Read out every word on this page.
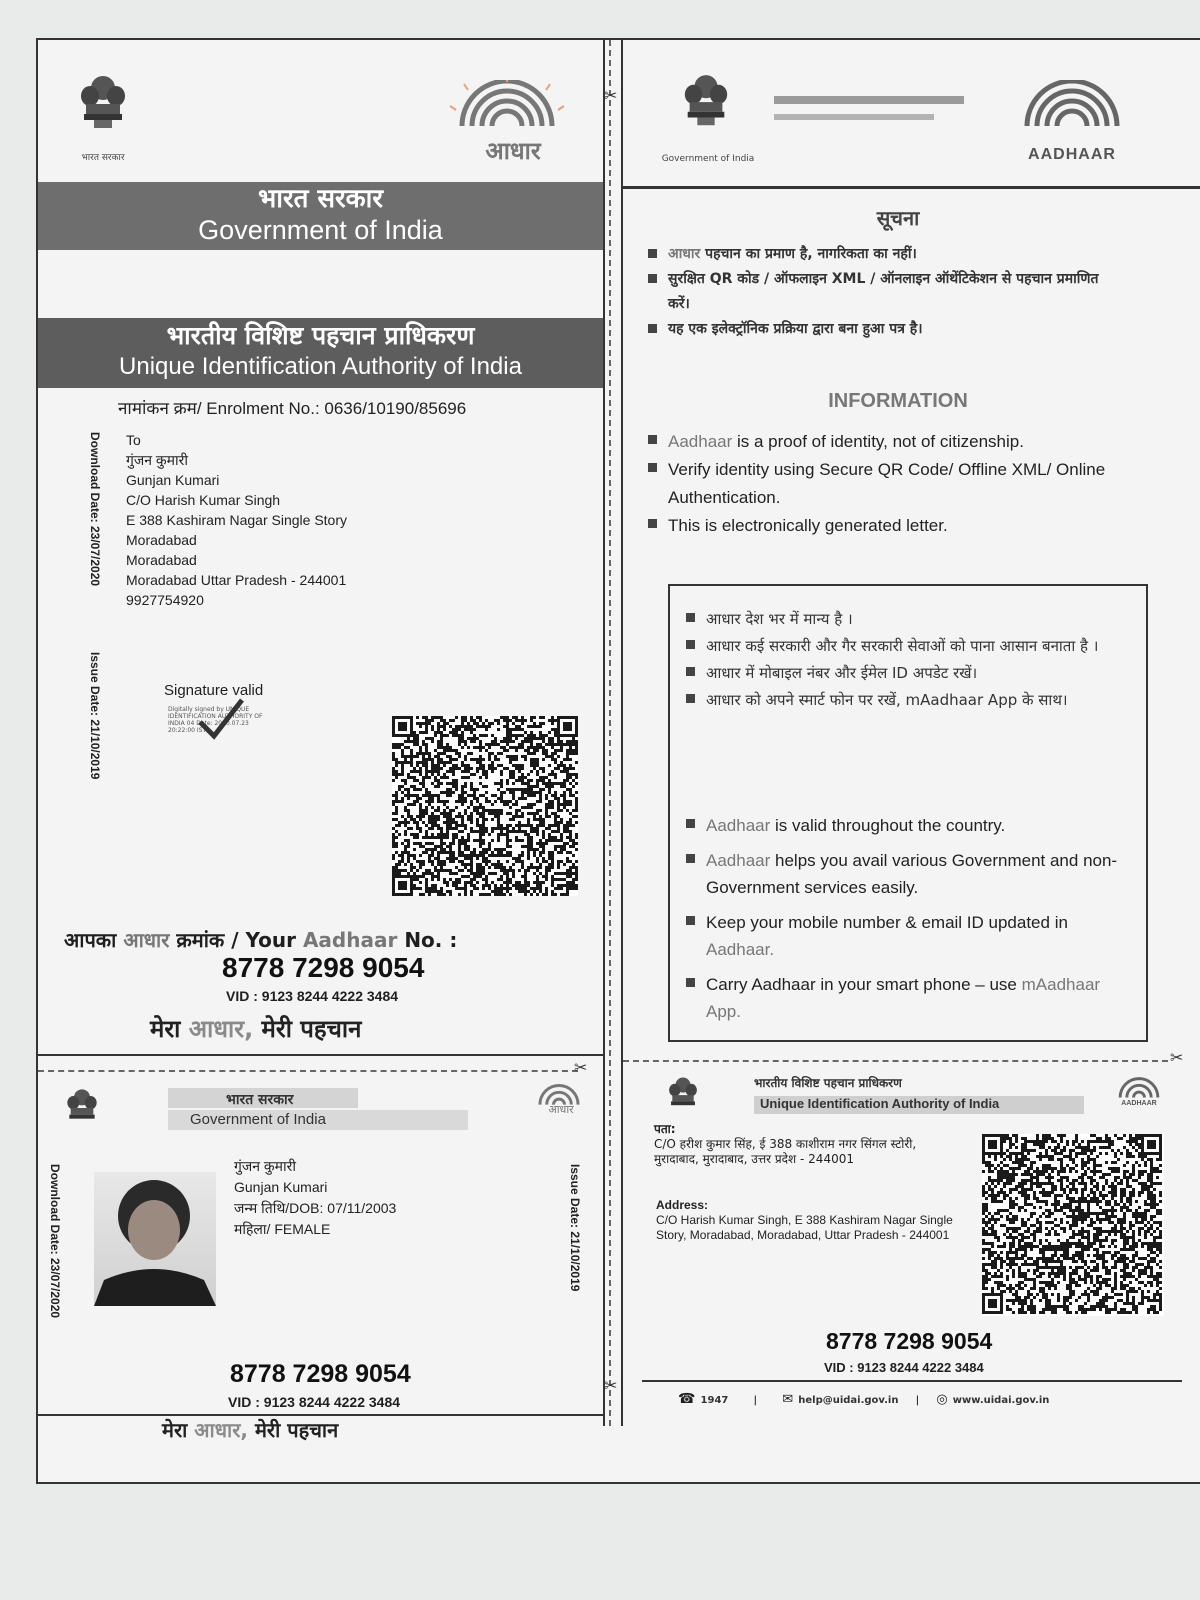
✂
✂
भारत सरकार	आधार
भारत सरकार
Government of India
भारतीय विशिष्ट पहचान प्राधिकरण
Unique Identification Authority of India
नामांकन क्रम/ Enrolment No.: 0636/10190/85696
Download Date: 23/07/2020
Issue Date: 21/10/2019
To
गुंजन कुमारी
Gunjan Kumari
C/O Harish Kumar Singh
E 388 Kashiram Nagar Single Story
Moradabad
Moradabad
Moradabad Uttar Pradesh - 244001
9927754920
Signature valid
Digitally signed by UNIQUE IDENTIFICATION AUTHORITY OF INDIA 04 Date: 2020.07.23 20:22:00 IST
आपका आधार क्रमांक / Your Aadhaar No. :
8778 7298 9054
VID : 9123 8244 4222 3484
मेरा आधार, मेरी पहचान
Government of India	AADHAAR
सूचना
आधार पहचान का प्रमाण है, नागरिकता का नहीं।
सुरक्षित QR कोड / ऑफलाइन XML / ऑनलाइन ऑथेंटिकेशन से पहचान प्रमाणित करें।
यह एक इलेक्ट्रॉनिक प्रक्रिया द्वारा बना हुआ पत्र है।
INFORMATION
Aadhaar is a proof of identity, not of citizenship.
Verify identity using Secure QR Code/ Offline XML/ Online Authentication.
This is electronically generated letter.
आधार देश भर में मान्य है ।
आधार कई सरकारी और गैर सरकारी सेवाओं को पाना आसान बनाता है ।
आधार में मोबाइल नंबर और ईमेल ID अपडेट रखें।
आधार को अपने स्मार्ट फोन पर रखें, mAadhaar App के साथ।
Aadhaar is valid throughout the country.
Aadhaar helps you avail various Government and non-Government services easily.
Keep your mobile number & email ID updated in Aadhaar.
Carry Aadhaar in your smart phone – use mAadhaar App.
✂
✂
भारत सरकार
Government of India
आधार
Download Date: 23/07/2020	Issue Date: 21/10/2019
गुंजन कुमारी
Gunjan Kumari
जन्म तिथि/DOB: 07/11/2003
महिला/ FEMALE
8778 7298 9054
VID : 9123 8244 4222 3484
मेरा आधार, मेरी पहचान
भारतीय विशिष्ट पहचान प्राधिकरण
Unique Identification Authority of India	AADHAAR
पता:
C/O हरीश कुमार सिंह, ई 388 काशीराम नगर सिंगल स्टोरी, मुरादाबाद, मुरादाबाद, उत्तर प्रदेश - 244001
Address:
C/O Harish Kumar Singh, E 388 Kashiram Nagar Single Story, Moradabad, Moradabad, Uttar Pradesh - 244001
8778 7298 9054
VID : 9123 8244 4222 3484
☎ 1947	| ✉ help@uidai.gov.in | ◎ www.uidai.gov.in
